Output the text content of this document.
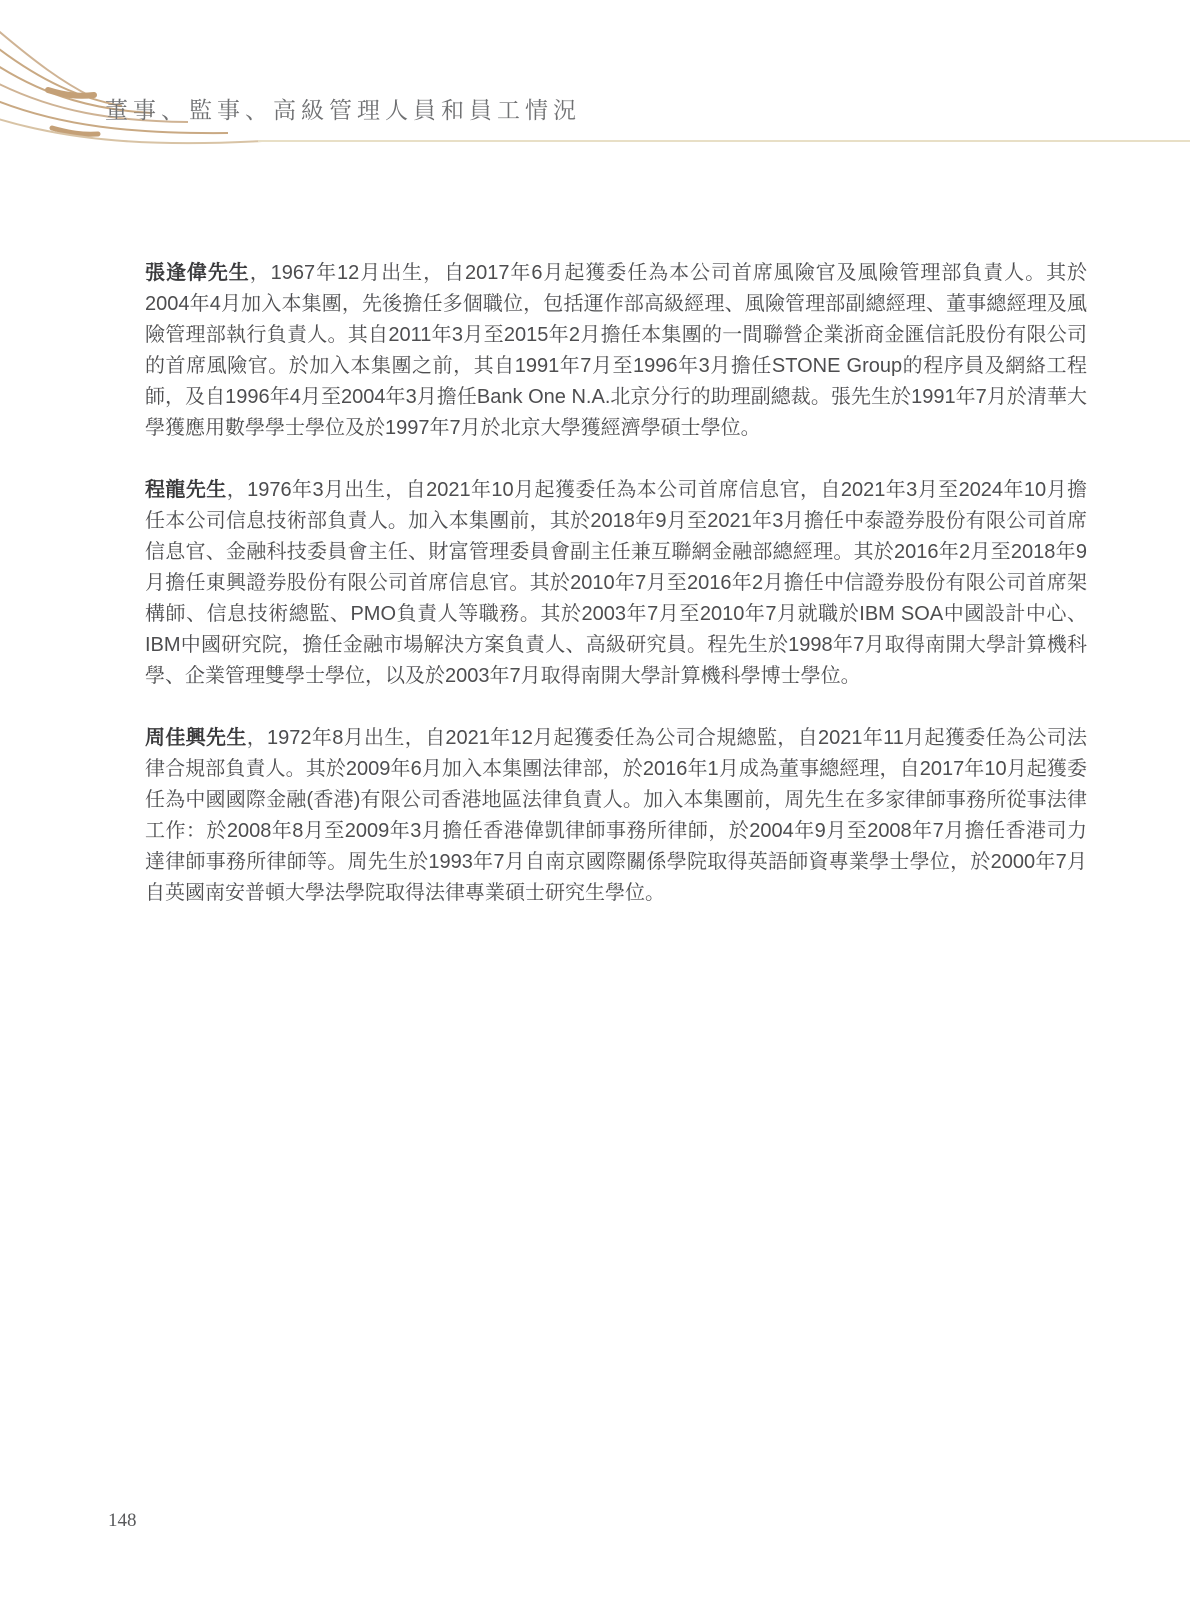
董事、監事、高級管理人員和員工情況

張逢偉先生，1967年12月出生，自2017年6月起獲委任為本公司首席風險官及風險管理部負責人。其於2004年4月加入本集團，先後擔任多個職位，包括運作部高級經理、風險管理部副總經理、董事總經理及風險管理部執行負責人。其自2011年3月至2015年2月擔任本集團的一間聯營企業浙商金匯信託股份有限公司的首席風險官。於加入本集團之前，其自1991年7月至1996年3月擔任STONE Group的程序員及網絡工程師，及自1996年4月至2004年3月擔任Bank One N.A.北京分行的助理副總裁。張先生於1991年7月於清華大學獲應用數學學士學位及於1997年7月於北京大學獲經濟學碩士學位。

程龍先生，1976年3月出生，自2021年10月起獲委任為本公司首席信息官，自2021年3月至2024年10月擔任本公司信息技術部負責人。加入本集團前，其於2018年9月至2021年3月擔任中泰證券股份有限公司首席信息官、金融科技委員會主任、財富管理委員會副主任兼互聯網金融部總經理。其於2016年2月至2018年9月擔任東興證券股份有限公司首席信息官。其於2010年7月至2016年2月擔任中信證券股份有限公司首席架構師、信息技術總監、PMO負責人等職務。其於2003年7月至2010年7月就職於IBM SOA中國設計中心、IBM中國研究院，擔任金融市場解決方案負責人、高級研究員。程先生於1998年7月取得南開大學計算機科學、企業管理雙學士學位，以及於2003年7月取得南開大學計算機科學博士學位。

周佳興先生，1972年8月出生，自2021年12月起獲委任為公司合規總監，自2021年11月起獲委任為公司法律合規部負責人。其於2009年6月加入本集團法律部，於2016年1月成為董事總經理，自2017年10月起獲委任為中國國際金融(香港)有限公司香港地區法律負責人。加入本集團前，周先生在多家律師事務所從事法律工作：於2008年8月至2009年3月擔任香港偉凱律師事務所律師，於2004年9月至2008年7月擔任香港司力達律師事務所律師等。周先生於1993年7月自南京國際關係學院取得英語師資專業學士學位，於2000年7月自英國南安普頓大學法學院取得法律專業碩士研究生學位。

148
